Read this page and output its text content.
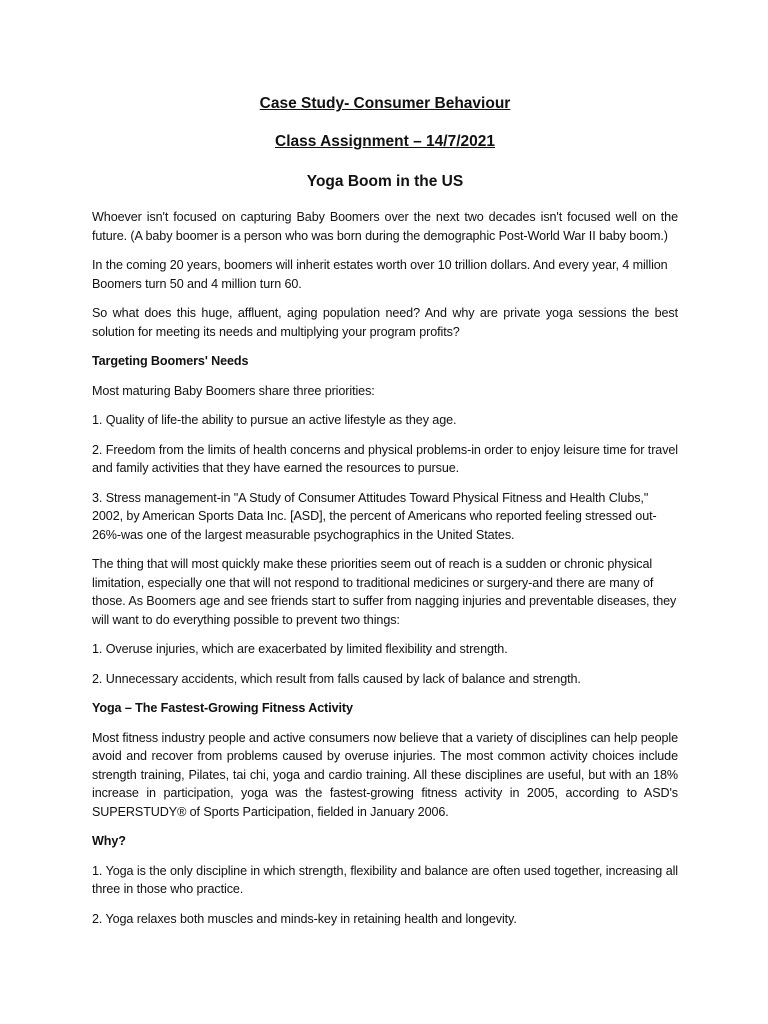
Case Study- Consumer Behaviour
Class Assignment – 14/7/2021
Yoga Boom in the US

Whoever isn't focused on capturing Baby Boomers over the next two decades isn't focused well on the future. (A baby boomer is a person who was born during the demographic Post-World War II baby boom.)

In the coming 20 years, boomers will inherit estates worth over 10 trillion dollars. And every year, 4 million Boomers turn 50 and 4 million turn 60.

So what does this huge, affluent, aging population need? And why are private yoga sessions the best solution for meeting its needs and multiplying your program profits?

Targeting Boomers' Needs

Most maturing Baby Boomers share three priorities:

1. Quality of life-the ability to pursue an active lifestyle as they age.

2. Freedom from the limits of health concerns and physical problems-in order to enjoy leisure time for travel and family activities that they have earned the resources to pursue.

3. Stress management-in "A Study of Consumer Attitudes Toward Physical Fitness and Health Clubs," 2002, by American Sports Data Inc. [ASD], the percent of Americans who reported feeling stressed out-26%-was one of the largest measurable psychographics in the United States.

The thing that will most quickly make these priorities seem out of reach is a sudden or chronic physical limitation, especially one that will not respond to traditional medicines or surgery-and there are many of those. As Boomers age and see friends start to suffer from nagging injuries and preventable diseases, they will want to do everything possible to prevent two things:

1. Overuse injuries, which are exacerbated by limited flexibility and strength.

2. Unnecessary accidents, which result from falls caused by lack of balance and strength.

Yoga – The Fastest-Growing Fitness Activity

Most fitness industry people and active consumers now believe that a variety of disciplines can help people avoid and recover from problems caused by overuse injuries. The most common activity choices include strength training, Pilates, tai chi, yoga and cardio training. All these disciplines are useful, but with an 18% increase in participation, yoga was the fastest-growing fitness activity in 2005, according to ASD's SUPERSTUDY® of Sports Participation, fielded in January 2006.

Why?

1. Yoga is the only discipline in which strength, flexibility and balance are often used together, increasing all three in those who practice.

2. Yoga relaxes both muscles and minds-key in retaining health and longevity.
